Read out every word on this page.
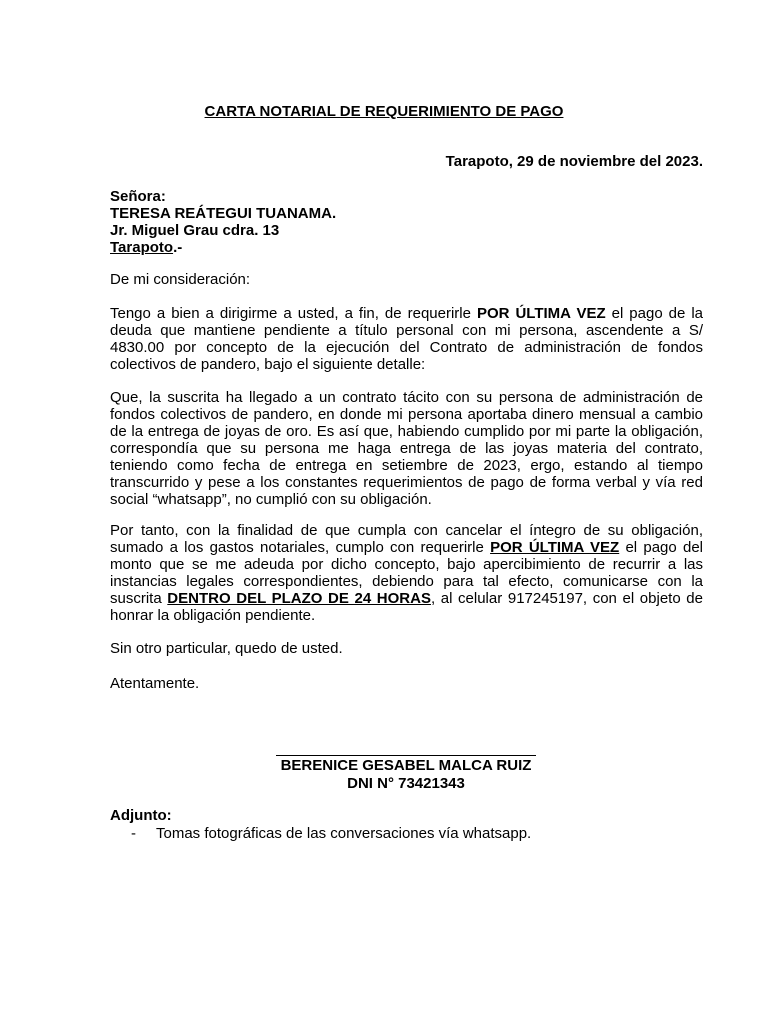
CARTA NOTARIAL DE REQUERIMIENTO DE PAGO
Tarapoto, 29 de noviembre del 2023.
Señora:
TERESA REÁTEGUI TUANAMA.
Jr. Miguel Grau cdra. 13
Tarapoto.-
De mi consideración:
Tengo a bien a dirigirme a usted, a fin, de requerirle POR ÚLTIMA VEZ el pago de la deuda que mantiene pendiente a título personal con mi persona, ascendente a S/ 4830.00 por concepto de la ejecución del Contrato de administración de fondos colectivos de pandero, bajo el siguiente detalle:
Que, la suscrita ha llegado a un contrato tácito con su persona de administración de fondos colectivos de pandero, en donde mi persona aportaba dinero mensual a cambio de la entrega de joyas de oro. Es así que, habiendo cumplido por mi parte la obligación, correspondía que su persona me haga entrega de las joyas materia del contrato, teniendo como fecha de entrega en setiembre de 2023, ergo, estando al tiempo transcurrido y pese a los constantes requerimientos de pago de forma verbal y vía red social “whatsapp”, no cumplió con su obligación.
Por tanto, con la finalidad de que cumpla con cancelar el íntegro de su obligación, sumado a los gastos notariales, cumplo con requerirle POR ÚLTIMA VEZ el pago del monto que se me adeuda por dicho concepto, bajo apercibimiento de recurrir a las instancias legales correspondientes, debiendo para tal efecto, comunicarse con la suscrita DENTRO DEL PLAZO DE 24 HORAS, al celular 917245197, con el objeto de honrar la obligación pendiente.
Sin otro particular, quedo de usted.
Atentamente.
BERENICE GESABEL MALCA RUIZ
DNI N° 73421343
Adjunto:
- Tomas fotográficas de las conversaciones vía whatsapp.
